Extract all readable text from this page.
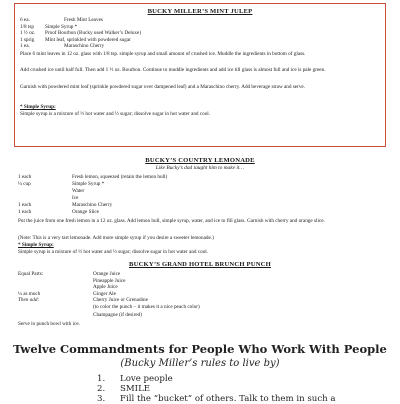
BUCKY MILLER’S MINT JULEP
6 ea.	Fresh Mint Leaves
1/8 tsp Simple Syrup *
1 ½ oz. Proof Bourbon (Bucky used Walker’s Deluxe)
1 sprig Mint leaf, sprinkled with powdered sugar
1 ea.	Maraschino Cherry
Place 6 mint leaves in 12 oz. glass with 1/8 tsp. simple syrup and small amount of crushed ice. Muddle the ingredients in bottom of glass.
Add crushed ice until half full. Then add 1 ½ oz. Bourbon. Continue to muddle ingredients and add ice till glass is almost full and ice is pale green.
Garnish with powdered mint leaf (sprinkle powdered sugar over dampened leaf) and a Maraschino cherry. Add beverage straw and serve.
* Simple Syrup:
Simple syrup is a mixture of ½ hot water and ½ sugar; dissolve sugar in hot water and cool.
BUCKY’S COUNTRY LEMONADE
Like Bucky’s dad taught him to make it…
1 each	Fresh lemon, squeezed (retain the lemon hull)
¼ cup	Simple Syrup *
Water
Ice
1 each	Maraschino Cherry
1 each	Orange Slice
Put the juice from one fresh lemon in a 12 oz. glass. Add lemon hull, simple syrup, water, and ice to fill glass. Garnish with cherry and orange slice.
(Note: This is a very tart lemonade. Add more simple syrup if you desire a sweeter lemonade.)
* Simple Syrup:
Simple syrup is a mixture of ½ hot water and ½ sugar; dissolve sugar in hot water and cool.
BUCKY’S GRAND HOTEL BRUNCH PUNCH
Equal Parts:	Orange Juice
Pineapple Juice
Apple Juice
¼ as much	Ginger Ale
Then add:	Cherry Juice or Grenadine
(to color the punch – it makes it a nice peach color)
Champagne (if desired)
Serve in punch bowl with ice.
Twelve Commandments for People Who Work With People
(Bucky Miller’s rules to live by)
1. Love people
2. SMILE
3. Fill the “bucket” of others. Talk to them in such a
